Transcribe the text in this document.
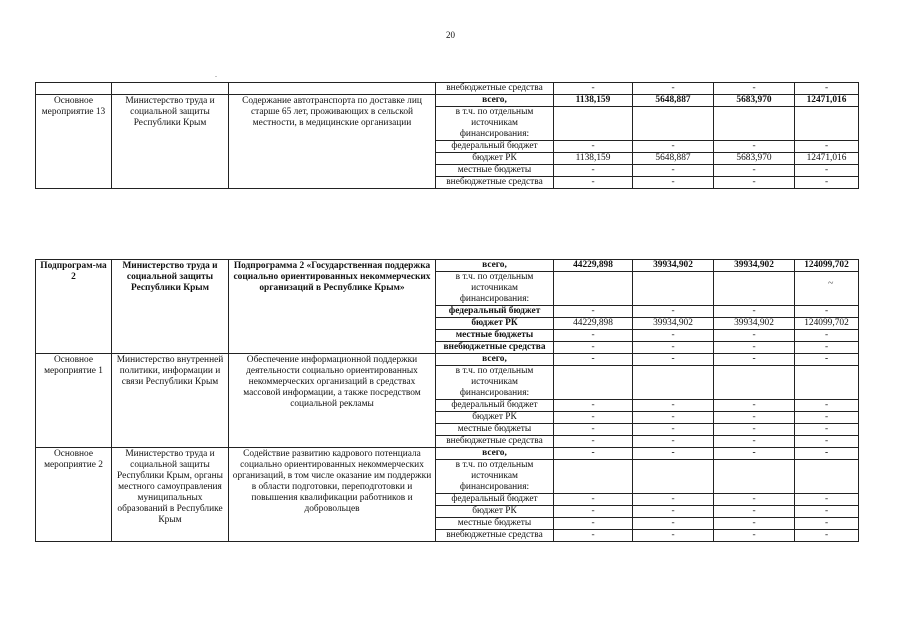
20
.
			внебюджетные средства	-	-	-	-
Основное мероприятие 13	Министерство труда и социальной защиты Республики Крым	Содержание автотранспорта по доставке лиц старше 65 лет, проживающих в сельской местности, в медицинские организации	всего,	1138,159	5648,887	5683,970	12471,016
			в т.ч. по отдельным источникам финансирования:				
			федеральный бюджет	-	-	-	-
			бюджет РК	1138,159	5648,887	5683,970	12471,016
			местные бюджеты	-	-	-	-
			внебюджетные средства	-	-	-	-
Подпрограм-ма 2	Министерство труда и социальной защиты Республики Крым	Подпрограмма 2 «Государственная поддержка социально ориентированных некоммерческих организаций в Республике Крым»	всего,	44229,898	39934,902	39934,902	124099,702
			в т.ч. по отдельным источникам финансирования:				
			федеральный бюджет	-	-	-	-
			бюджет РК	44229,898	39934,902	39934,902	124099,702
			местные бюджеты	-	-	-	-
			внебюджетные средства	-	-	-	-
Основное мероприятие 1	Министерство внутренней политики, информации и связи Республики Крым	Обеспечение информационной поддержки деятельности социально ориентированных некоммерческих организаций в средствах массовой информации, а также посредством социальной рекламы	всего,	-	-	-	-
			в т.ч. по отдельным источникам финансирования:				
			федеральный бюджет	-	-	-	-
			бюджет РК	-	-	-	-
			местные бюджеты	-	-	-	-
			внебюджетные средства	-	-	-	-
Основное мероприятие 2	Министерство труда и социальной защиты Республики Крым, органы местного самоуправления муниципальных образований в Республике Крым	Содействие развитию кадрового потенциала социально ориентированных некоммерческих организаций, в том числе оказание им поддержки в области подготовки, переподготовки и повышения квалификации работников и добровольцев	всего,	-	-	-	-
			в т.ч. по отдельным источникам финансирования:				
			федеральный бюджет	-	-	-	-
			бюджет РК	-	-	-	-
			местные бюджеты	-	-	-	-
			внебюджетные средства	-	-	-	-
~
